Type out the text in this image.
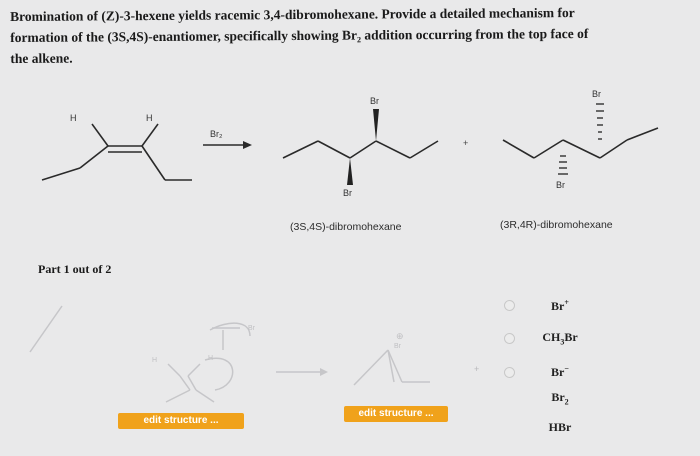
Bromination of (Z)-3-hexene yields racemic 3,4-dibromohexane. Provide a detailed mechanism for

formation of the (3S,4S)-enantiomer, specifically showing Br₂ addition occurring from the top face of

the alkene.

H	H
Br₂
Br
Br
+
Br
Br
(3S,4S)-dibromohexane	(3R,4R)-dibromohexane
Part 1 out of 2
H	H
Br
⊕
Br
+
edit structure ...
edit structure ...
Br+
$CH_3Br$
Br−
$Br_2$
HBr
